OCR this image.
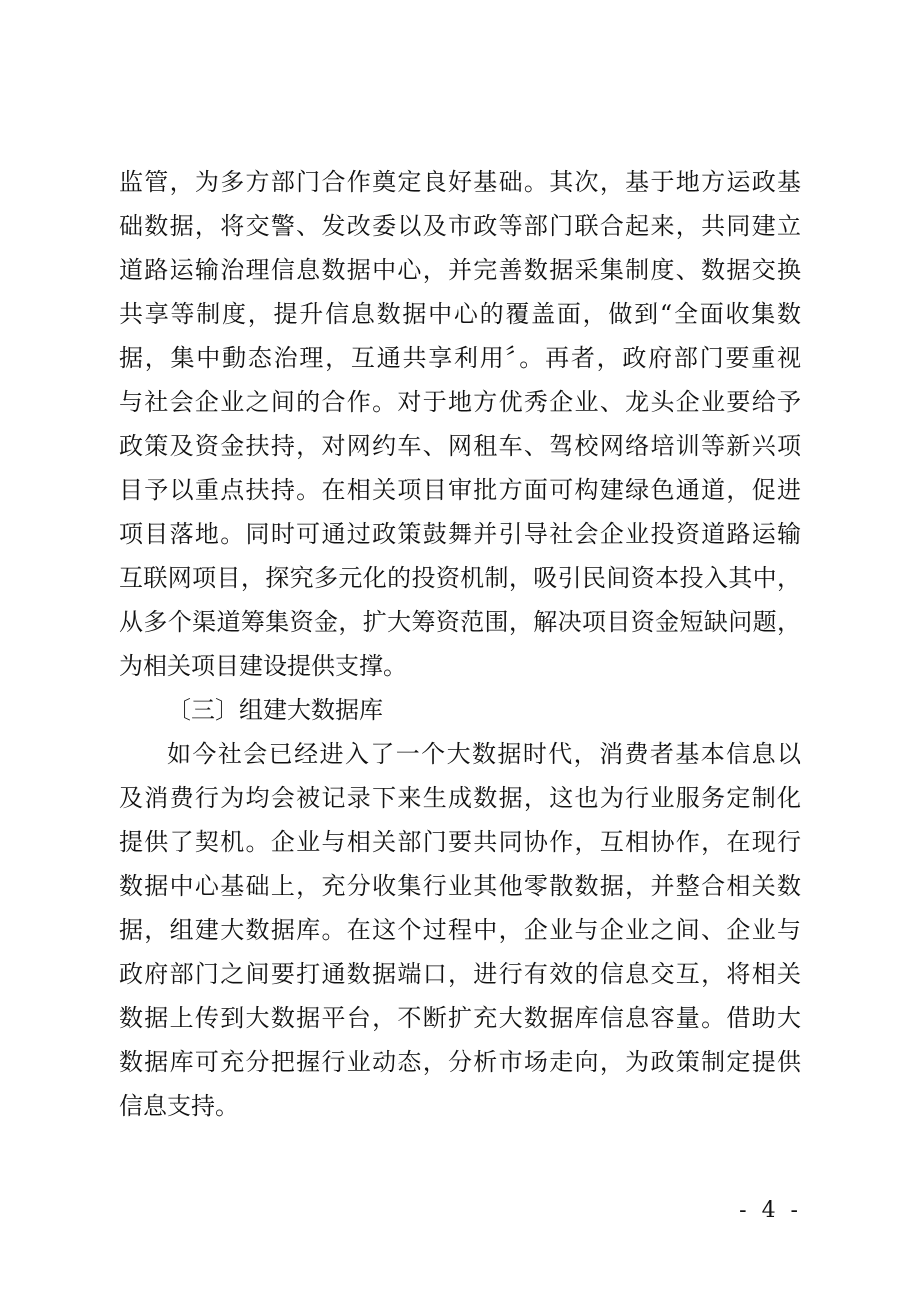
监管，为多方部门合作奠定良好基础。其次，基于地方运政基
础数据，将交警、发改委以及市政等部门联合起来，共同建立
道路运输治理信息数据中心，并完善数据采集制度、数据交换
共享等制度，提升信息数据中心的覆盖面，做到“全面收集数
据，集中動态治理，互通共享利用〞。再者，政府部门要重视
与社会企业之间的合作。对于地方优秀企业、龙头企业要给予
政策及资金扶持，对网约车、网租车、驾校网络培训等新兴项
目予以重点扶持。在相关项目审批方面可构建绿色通道，促进
项目落地。同时可通过政策鼓舞并引导社会企业投资道路运输
互联网项目，探究多元化的投资机制，吸引民间资本投入其中，
从多个渠道筹集资金，扩大筹资范围，解决项目资金短缺问题，
为相关项目建设提供支撑。
〔三〕组建大数据库
如今社会已经进入了一个大数据时代，消费者基本信息以
及消费行为均会被记录下来生成数据，这也为行业服务定制化
提供了契机。企业与相关部门要共同协作，互相协作，在现行
数据中心基础上，充分收集行业其他零散数据，并整合相关数
据，组建大数据库。在这个过程中，企业与企业之间、企业与
政府部门之间要打通数据端口，进行有效的信息交互，将相关
数据上传到大数据平台，不断扩充大数据库信息容量。借助大
数据库可充分把握行业动态，分析市场走向，为政策制定提供
信息支持。
- 4 -
